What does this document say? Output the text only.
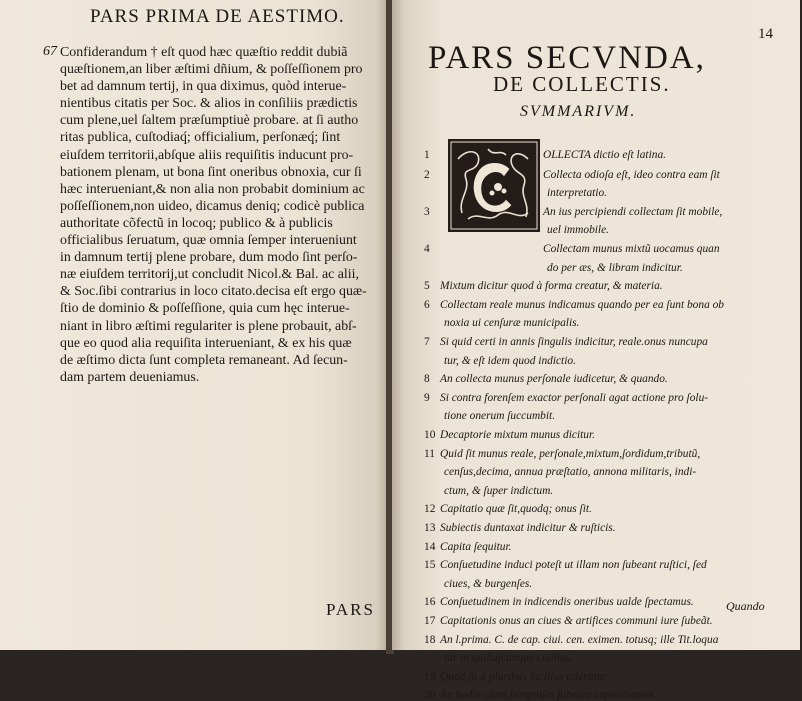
PARS PRIMA DE AESTIMO.
67 Confiderandum † eſt quod hæc quæſtio reddit dubiã
quæſtionem,an liber æſtimi dñium, & poſſeſſionem pro
bet ad damnum tertij, in qua diximus, quòd interue-
nientibus citatis per Soc. & alios in conſiliis prædictis
cum plene,uel ſaltem præſumptiuè probare. at ſi autho
ritas publica, cuſtodiaq́; officialium, perſonæq́; ſint
eiuſdem territorii,abſque aliis requiſitis inducunt pro-
bationem plenam, ut bona ſint oneribus obnoxia, cur ſi
hæc interueniant,& non alia non probabit dominium ac
poſſeſſionem,non uideo, dicamus deniq; codicè publica
authoritate cõfectũ in locoq; publico & à publicis
officialibus ſeruatum, quæ omnia ſemper interueniunt
in damnum tertij plene probare, dum modo ſint perſo-
næ eiuſdem territorij,ut concludit Nicol.& Bal. ac alii,
& Soc.ſibi contrarius in loco citato.decisa eſt ergo quæ-
ſtio de dominio & poſſeſſione, quia cum hęc interue-
niant in libro æſtimi regulariter is plene probauit, abſ-
que eo quod alia requiſita interueniant, & ex his quæ
de æſtimo dicta ſunt completa remaneant. Ad ſecun-
dam partem deueniamus.
PARS
14
PARS SECVNDA,
DE COLLECTIS.
SVMMARIVM.
1	OLLECTA dictio eſt latina.
2	Collecta odioſa eſt, ideo contra eam ſit
interpretatio.
3	An ius percipiendi collectam ſit mobile,
uel immobile.
4	Collectam munus mixtũ uocamus quan
do per æs, & libram indicitur.
5 Mixtum dicitur quod à forma creatur, & materia.
6 Collectam reale munus indicamus quando per ea ſunt bona ob
noxia ui cenſuræ municipalis.
7 Si quid certi in annis ſingulis indicitur, reale.onus nuncupa
tur, & eſt idem quod indictio.
8 An collecta munus perſonale iudicetur, & quando.
9 Si contra forenſem exactor perſonali agat actione pro ſolu-
tione onerum ſuccumbit.
10 Decaptorie mixtum munus dicitur.
11 Quid ſit munus reale, perſonale,mixtum,ſordidum,tributũ,
cenſus,decima, annua præſtatio, annona militaris, indi-
ctum, & ſuper indictum.
12 Capitatio quæ ſit,quodq; onus ſit.
13 Subiectis duntaxat indicitur & ruſticis.
14 Capita ſequitur.
15 Conſuetudine induci poteſt ut illam non ſubeant ruſtici, ſed
ciues, & burgenſes.
16 Conſuetudinem in indicendis oneribus ualde ſpectamus.
17 Capitationis onus an ciues & artifices communi iure ſubeãt.
18 An l.prima. C. de cap. ciui. cen. eximen. totusq; ille Tit.loqua
tur in quibuſcunque ciuibus.
19 Quod ſit à pluribus facilius toleratur.
20 An hodie ciues,burgenſes ſubeant capitationem.
Quando
